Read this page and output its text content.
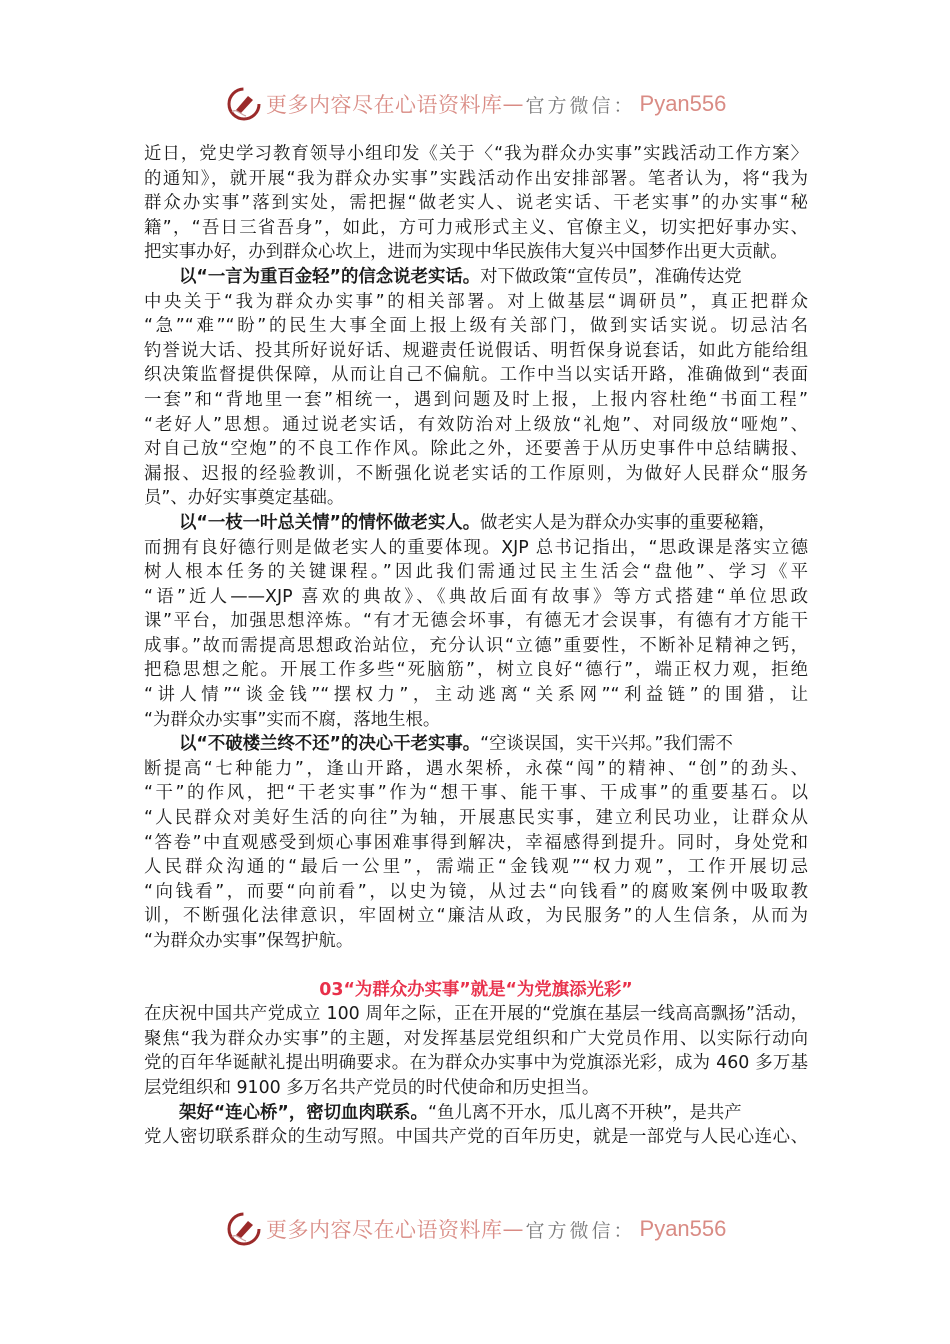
更多内容尽在心语资料库 — 官方微信： Pyan556
近日，党史学习教育领导小组印发《关于〈“我为群众办实事”实践活动工作方案〉
的通知》，就开展“我为群众办实事”实践活动作出安排部署。笔者认为，将“我为
群众办实事”落到实处，需把握“做老实人、说老实话、干老实事”的办实事“秘
籍”，“吾日三省吾身”，如此，方可力戒形式主义、官僚主义，切实把好事办实、
把实事办好，办到群众心坎上，进而为实现中华民族伟大复兴中国梦作出更大贡献。
以“一言为重百金轻”的信念说老实话。对下做政策“宣传员”，准确传达党
中央关于“我为群众办实事”的相关部署。对上做基层“调研员”，真正把群众
“急”“难”“盼”的民生大事全面上报上级有关部门，做到实话实说。切忌沽名
钓誉说大话、投其所好说好话、规避责任说假话、明哲保身说套话，如此方能给组
织决策监督提供保障，从而让自己不偏航。工作中当以实话开路，准确做到“表面
一套”和“背地里一套”相统一，遇到问题及时上报，上报内容杜绝“书面工程”
“老好人”思想。通过说老实话，有效防治对上级放“礼炮”、对同级放“哑炮”、
对自己放“空炮”的不良工作作风。除此之外，还要善于从历史事件中总结瞒报、
漏报、迟报的经验教训，不断强化说老实话的工作原则，为做好人民群众“服务
员”、办好实事奠定基础。
以“一枝一叶总关情”的情怀做老实人。做老实人是为群众办实事的重要秘籍，
而拥有良好德行则是做老实人的重要体现。XJP 总书记指出，“思政课是落实立德
树人根本任务的关键课程。”因此我们需通过民主生活会“盘他”、学习《平
“语”近人——XJP 喜欢的典故》、《典故后面有故事》等方式搭建“单位思政
课”平台，加强思想淬炼。“有才无德会坏事，有德无才会误事，有德有才方能干
成事。”故而需提高思想政治站位，充分认识“立德”重要性，不断补足精神之钙，
把稳思想之舵。开展工作多些“死脑筋”，树立良好“德行”，端正权力观，拒绝
“讲人情”“谈金钱”“摆权力”，主动逃离“关系网”“利益链”的围猎，让
“为群众办实事”实而不腐，落地生根。
以“不破楼兰终不还”的决心干老实事。“空谈误国，实干兴邦。”我们需不
断提高“七种能力”，逢山开路，遇水架桥，永葆“闯”的精神、“创”的劲头、
“干”的作风，把“干老实事”作为“想干事、能干事、干成事”的重要基石。以
“人民群众对美好生活的向往”为轴，开展惠民实事，建立利民功业，让群众从
“答卷”中直观感受到烦心事困难事得到解决，幸福感得到提升。同时，身处党和
人民群众沟通的“最后一公里”，需端正“金钱观”“权力观”，工作开展切忌
“向钱看”，而要“向前看”，以史为镜，从过去“向钱看”的腐败案例中吸取教
训，不断强化法律意识，牢固树立“廉洁从政，为民服务”的人生信条，从而为
“为群众办实事”保驾护航。
03“为群众办实事”就是“为党旗添光彩”
在庆祝中国共产党成立 100 周年之际，正在开展的“党旗在基层一线高高飘扬”活动，
聚焦“我为群众办实事”的主题，对发挥基层党组织和广大党员作用、以实际行动向
党的百年华诞献礼提出明确要求。在为群众办实事中为党旗添光彩，成为 460 多万基
层党组织和 9100 多万名共产党员的时代使命和历史担当。
架好“连心桥”，密切血肉联系。“鱼儿离不开水，瓜儿离不开秧”，是共产
党人密切联系群众的生动写照。中国共产党的百年历史，就是一部党与人民心连心、
更多内容尽在心语资料库 — 官方微信： Pyan556
